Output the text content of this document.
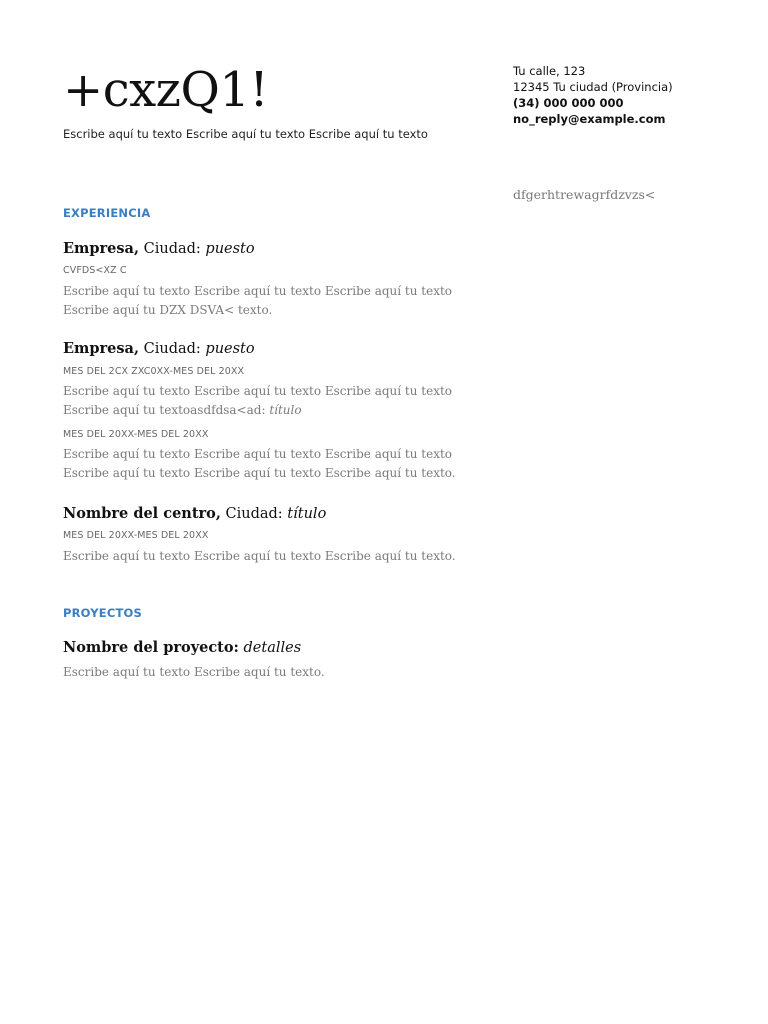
+cxzQ1!
Escribe aquí tu texto Escribe aquí tu texto Escribe aquí tu texto
Tu calle, 123
12345 Tu ciudad (Provincia)
(34) 000 000 000
no_reply@example.com
dfgerhtrewagrfdzvzs<
EXPERIENCIA
Empresa, Ciudad: puesto
CVFDS<XZ C
Escribe aquí tu texto Escribe aquí tu texto Escribe aquí tu texto Escribe aquí tu DZX DSVA< texto.
Empresa, Ciudad: puesto
MES DEL 2CX ZXC0XX-MES DEL 20XX
Escribe aquí tu texto Escribe aquí tu texto Escribe aquí tu texto Escribe aquí tu textoasdfdsa<ad: título
MES DEL 20XX-MES DEL 20XX
Escribe aquí tu texto Escribe aquí tu texto Escribe aquí tu texto Escribe aquí tu texto Escribe aquí tu texto Escribe aquí tu texto.
Nombre del centro, Ciudad: título
MES DEL 20XX-MES DEL 20XX
Escribe aquí tu texto Escribe aquí tu texto Escribe aquí tu texto.
PROYECTOS
Nombre del proyecto: detalles
Escribe aquí tu texto Escribe aquí tu texto.
